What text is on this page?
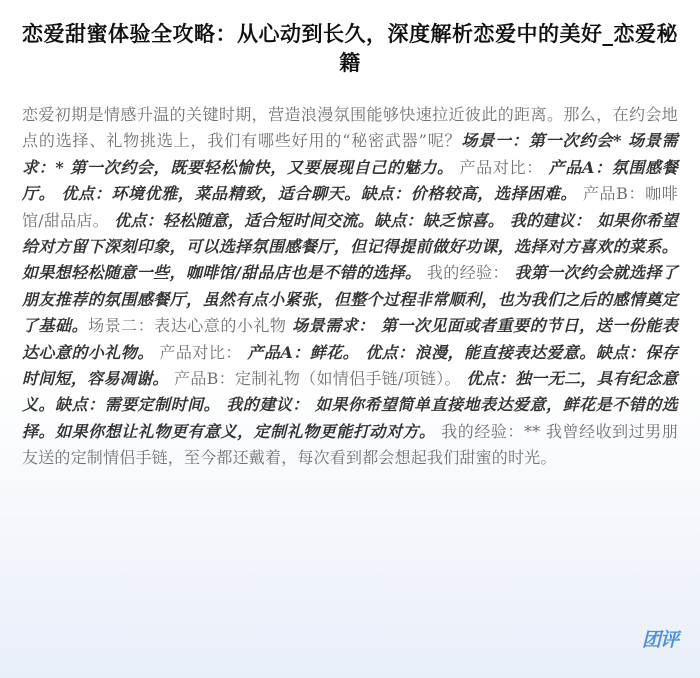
恋爱甜蜜体验全攻略：从心动到长久，深度解析恋爱中的美好_恋爱秘籍

恋爱初期是情感升温的关键时期，营造浪漫氛围能够快速拉近彼此的距离。那么，在约会地点的选择、礼物挑选上，我们有哪些好用的“秘密武器”呢？场景一：第一次约会* 场景需求：* 第一次约会，既要轻松愉快，又要展现自己的魅力。 产品对比： 产品A：氛围感餐厅。 优点：环境优雅，菜品精致，适合聊天。缺点：价格较高，选择困难。 产品B：咖啡馆/甜品店。 优点：轻松随意，适合短时间交流。缺点：缺乏惊喜。 我的建议： 如果你希望给对方留下深刻印象，可以选择氛围感餐厅，但记得提前做好功课，选择对方喜欢的菜系。如果想轻松随意一些，咖啡馆/甜品店也是不错的选择。 我的经验： 我第一次约会就选择了朋友推荐的氛围感餐厅，虽然有点小紧张，但整个过程非常顺利，也为我们之后的感情奠定了基础。场景二：表达心意的小礼物 场景需求： 第一次见面或者重要的节日，送一份能表达心意的小礼物。 产品对比： 产品A：鲜花。 优点：浪漫，能直接表达爱意。缺点：保存时间短，容易凋谢。 产品B：定制礼物（如情侣手链/项链）。 优点：独一无二，具有纪念意义。缺点：需要定制时间。 我的建议： 如果你希望简单直接地表达爱意，鲜花是不错的选择。如果你想让礼物更有意义，定制礼物更能打动对方。 我的经验：** 我曾经收到过男朋友送的定制情侣手链，至今都还戴着，每次看到都会想起我们甜蜜的时光。

团评
